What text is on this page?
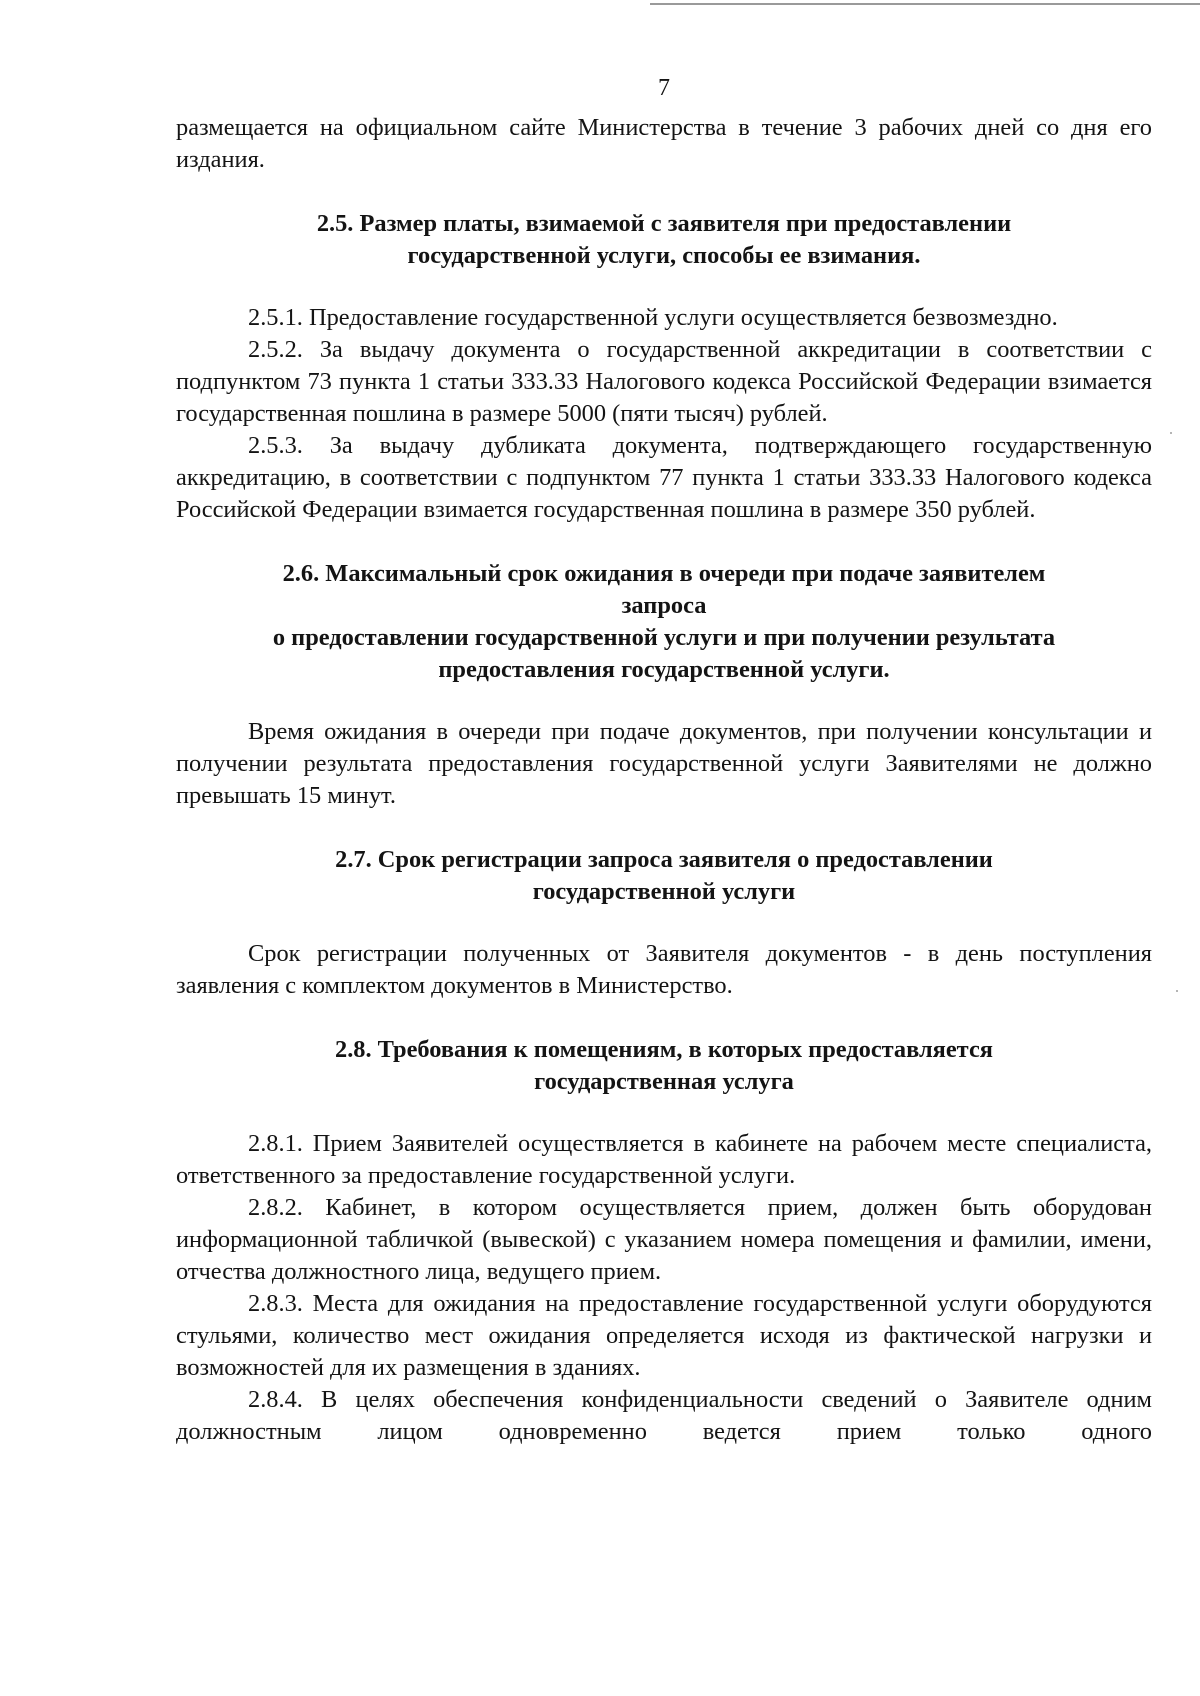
7

размещается на официальном сайте Министерства в течение 3 рабочих дней со дня его издания.

2.5. Размер платы, взимаемой с заявителя при предоставлении
государственной услуги, способы ее взимания.

2.5.1. Предоставление государственной услуги осуществляется безвозмездно.

2.5.2. За выдачу документа о государственной аккредитации в соответствии с подпунктом 73 пункта 1 статьи 333.33 Налогового кодекса Российской Федерации взимается государственная пошлина в размере 5000 (пяти тысяч) рублей.

2.5.3. За выдачу дубликата документа, подтверждающего государственную аккредитацию, в соответствии с подпунктом 77 пункта 1 статьи 333.33 Налогового кодекса Российской Федерации взимается государственная пошлина в размере 350 рублей.

2.6. Максимальный срок ожидания в очереди при подаче заявителем
запроса
о предоставлении государственной услуги и при получении результата
предоставления государственной услуги.

Время ожидания в очереди при подаче документов, при получении консультации и получении результата предоставления государственной услуги Заявителями не должно превышать 15 минут.

2.7. Срок регистрации запроса заявителя о предоставлении
государственной услуги

Срок регистрации полученных от Заявителя документов - в день поступления заявления с комплектом документов в Министерство.

2.8. Требования к помещениям, в которых предоставляется
государственная услуга

2.8.1. Прием Заявителей осуществляется в кабинете на рабочем месте специалиста, ответственного за предоставление государственной услуги.

2.8.2. Кабинет, в котором осуществляется прием, должен быть оборудован информационной табличкой (вывеской) с указанием номера помещения и фамилии, имени, отчества должностного лица, ведущего прием.

2.8.3. Места для ожидания на предоставление государственной услуги оборудуются стульями, количество мест ожидания определяется исходя из фактической нагрузки и возможностей для их размещения в зданиях.

2.8.4. В целях обеспечения конфиденциальности сведений о Заявителе одним должностным лицом одновременно ведется прием только одного
